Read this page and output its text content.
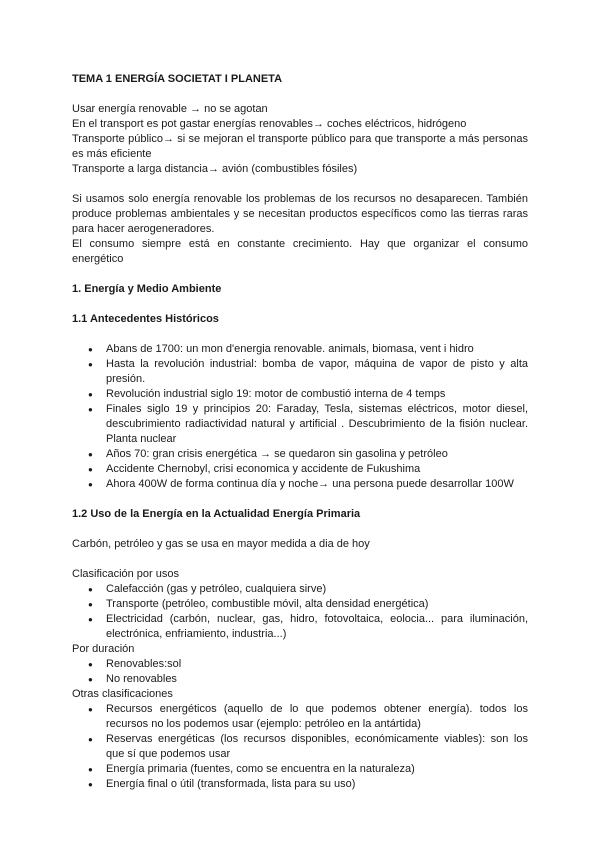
TEMA 1 ENERGÍA SOCIETAT I PLANETA

Usar energía renovable → no se agotan

En el transport es pot gastar energías renovables→ coches eléctricos, hidrógeno

Transporte público→ si se mejoran el transporte público para que transporte a más personas es más eficiente

Transporte a larga distancia→ avión (combustibles fósiles)

Si usamos solo energía renovable los problemas de los recursos no desaparecen. También produce problemas ambientales y se necesitan productos específicos como las tierras raras para hacer aerogeneradores.

El consumo siempre está en constante crecimiento. Hay que organizar el consumo energético

1. Energía y Medio Ambiente

1.1 Antecedentes Históricos

● Abans de 1700: un mon d'energia renovable. animals, biomasa, vent i hidro
● Hasta la revolución industrial: bomba de vapor, máquina de vapor de pisto y alta presión.
● Revolución industrial siglo 19: motor de combustió interna de 4 temps
● Finales siglo 19 y principios 20: Faraday, Tesla, sistemas eléctricos, motor diesel, descubrimiento radiactividad natural y artificial . Descubrimiento de la fisión nuclear. Planta nuclear
● Años 70: gran crisis energética → se quedaron sin gasolina y petróleo
● Accidente Chernobyl, crisi economica y accidente de Fukushima
● Ahora 400W de forma continua día y noche→ una persona puede desarrollar 100W

1.2 Uso de la Energía en la Actualidad Energía Primaria

Carbón, petróleo y gas se usa en mayor medida a dia de hoy

Clasificación por usos

● Calefacción (gas y petróleo, cualquiera sirve)
● Transporte (petróleo, combustible móvil, alta densidad energética)
● Electricidad (carbón, nuclear, gas, hidro, fotovoltaica, eolocia... para iluminación, electrónica, enfriamiento, industria...)

Por duración

● Renovables:sol
● No renovables

Otras clasificaciones

● Recursos energéticos (aquello de lo que podemos obtener energía). todos los recursos no los podemos usar (ejemplo: petróleo en la antártida)
● Reservas energéticas (los recursos disponibles, económicamente viables): son los que sí que podemos usar
● Energía primaria (fuentes, como se encuentra en la naturaleza)
● Energía final o útil (transformada, lista para su uso)
